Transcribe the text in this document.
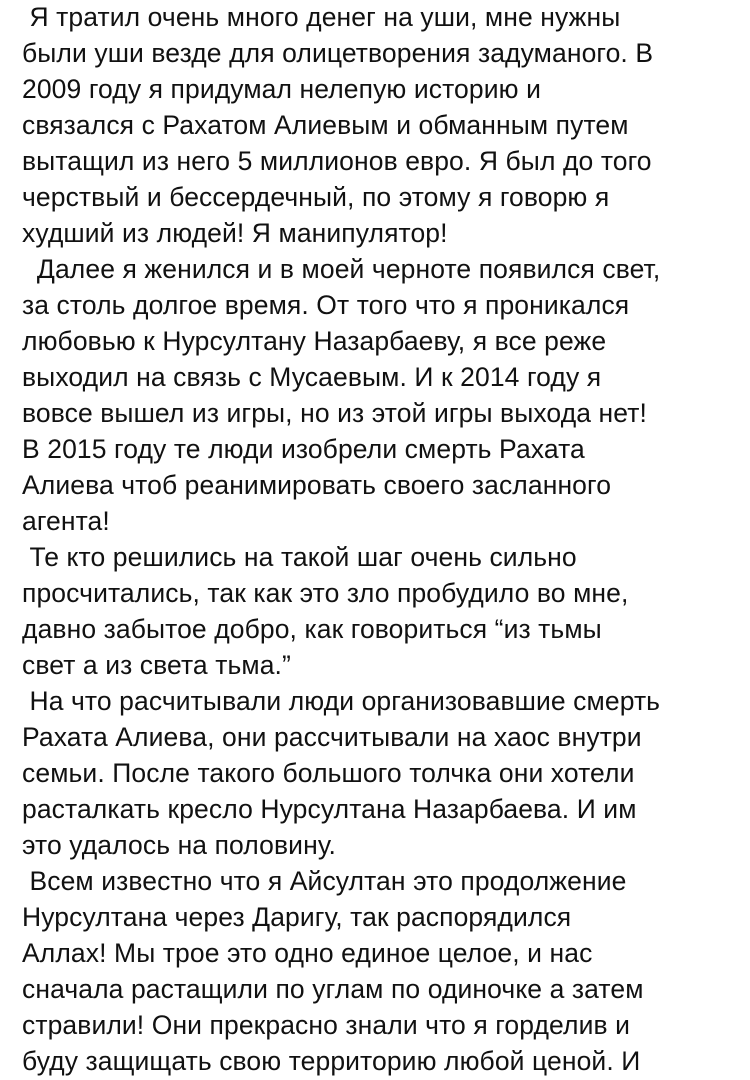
Я тратил очень много денег на уши, мне нужны
были уши везде для олицетворения задуманого. В
2009 году я придумал нелепую историю и
связался с Рахатом Алиевым и обманным путем
вытащил из него 5 миллионов евро. Я был до того
черствый и бессердечный, по этому я говорю я
худший из людей! Я манипулятор!
Далее я женился и в моей черноте появился свет,
за столь долгое время. От того что я проникался
любовью к Нурсултану Назарбаеву, я все реже
выходил на связь с Мусаевым. И к 2014 году я
вовсе вышел из игры, но из этой игры выхода нет!
В 2015 году те люди изобрели смерть Рахата
Алиева чтоб реанимировать своего засланного
агента!
Те кто решились на такой шаг очень сильно
просчитались, так как это зло пробудило во мне,
давно забытое добро, как говориться “из тьмы
свет а из света тьма.”
На что расчитывали люди организовавшие смерть
Рахата Алиева, они рассчитывали на хаос внутри
семьи. После такого большого толчка они хотели
расталкать кресло Нурсултана Назарбаева. И им
это удалось на половину.
Всем известно что я Айсултан это продолжение
Нурсултана через Даригу, так распорядился
Аллах! Мы трое это одно единое целое, и нас
сначала растащили по углам по одиночке а затем
стравили! Они прекрасно знали что я горделив и
буду защищать свою территорию любой ценой. И
